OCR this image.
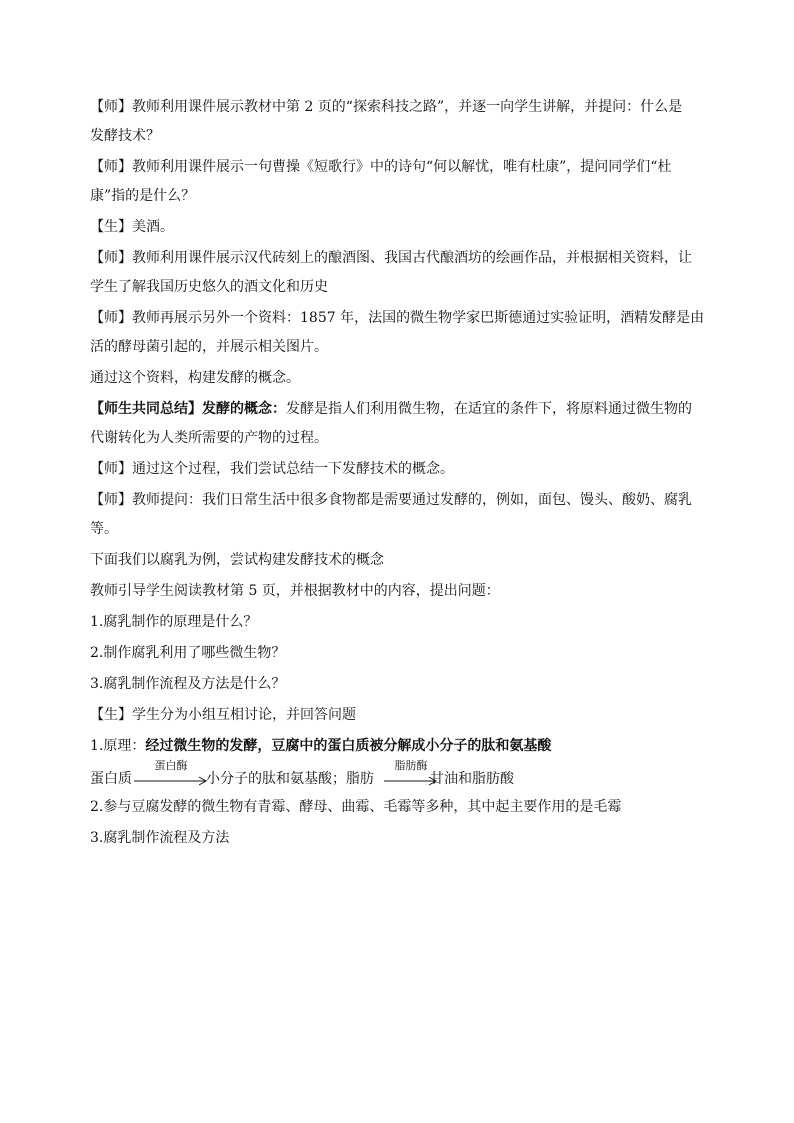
【师】教师利用课件展示教材中第 2 页的“探索科技之路”，并逐一向学生讲解，并提问：什么是
发酵技术？
【师】教师利用课件展示一句曹操《短歌行》中的诗句“何以解忧，唯有杜康”，提问同学们“杜
康”指的是什么？
【生】美酒。
【师】教师利用课件展示汉代砖刻上的酿酒图、我国古代酿酒坊的绘画作品，并根据相关资料，让
学生了解我国历史悠久的酒文化和历史
【师】教师再展示另外一个资料：1857 年，法国的微生物学家巴斯德通过实验证明，酒精发酵是由
活的酵母菌引起的，并展示相关图片。
通过这个资料，构建发酵的概念。
【师生共同总结】发酵的概念：发酵是指人们利用微生物，在适宜的条件下，将原料通过微生物的
代谢转化为人类所需要的产物的过程。
【师】通过这个过程，我们尝试总结一下发酵技术的概念。
【师】教师提问：我们日常生活中很多食物都是需要通过发酵的，例如，面包、馒头、酸奶、腐乳
等。
下面我们以腐乳为例，尝试构建发酵技术的概念
教师引导学生阅读教材第 5 页，并根据教材中的内容，提出问题：
1.腐乳制作的原理是什么？
2.制作腐乳利用了哪些微生物？
3.腐乳制作流程及方法是什么？
【生】学生分为小组互相讨论，并回答问题
1.原理：经过微生物的发酵，豆腐中的蛋白质被分解成小分子的肽和氨基酸
蛋白质
蛋白酶
小分子的肽和氨基酸；脂肪
脂肪酶
甘油和脂肪酸
2.参与豆腐发酵的微生物有青霉、酵母、曲霉、毛霉等多种，其中起主要作用的是毛霉
3.腐乳制作流程及方法
